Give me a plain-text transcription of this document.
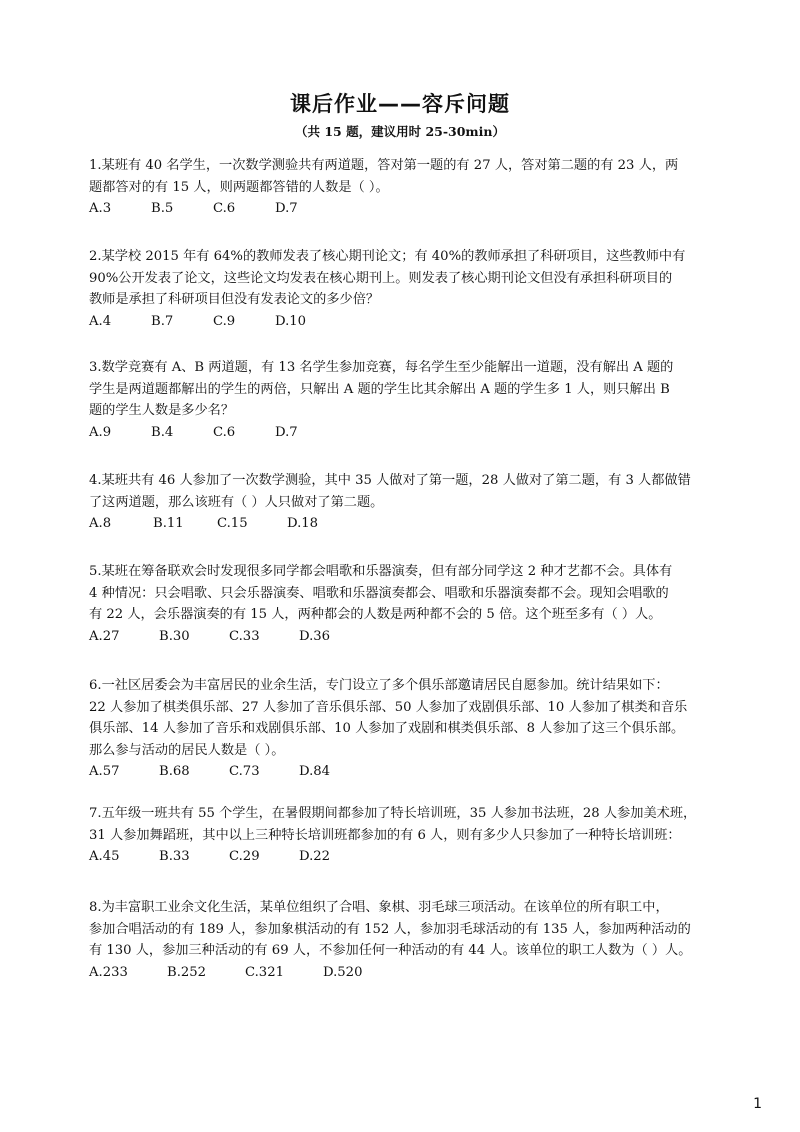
课后作业——容斥问题
（共 15 题，建议用时 25-30min）
1.某班有 40 名学生，一次数学测验共有两道题，答对第一题的有 27 人，答对第二题的有 23 人，两
题都答对的有 15 人，则两题都答错的人数是（ ）。
A.3	B.5	C.6	D.7
2.某学校 2015 年有 64%的教师发表了核心期刊论文；有 40%的教师承担了科研项目，这些教师中有
90%公开发表了论文，这些论文均发表在核心期刊上。则发表了核心期刊论文但没有承担科研项目的
教师是承担了科研项目但没有发表论文的多少倍？
A.4	B.7	C.9	D.10
3.数学竞赛有 A、B 两道题，有 13 名学生参加竞赛，每名学生至少能解出一道题，没有解出 A 题的
学生是两道题都解出的学生的两倍，只解出 A 题的学生比其余解出 A 题的学生多 1 人，则只解出 B
题的学生人数是多少名？
A.9	B.4	C.6	D.7
4.某班共有 46 人参加了一次数学测验，其中 35 人做对了第一题，28 人做对了第二题，有 3 人都做错
了这两道题，那么该班有（ ）人只做对了第二题。
A.8	B.11	C.15	D.18
5.某班在筹备联欢会时发现很多同学都会唱歌和乐器演奏，但有部分同学这 2 种才艺都不会。具体有
4 种情况：只会唱歌、只会乐器演奏、唱歌和乐器演奏都会、唱歌和乐器演奏都不会。现知会唱歌的
有 22 人，会乐器演奏的有 15 人，两种都会的人数是两种都不会的 5 倍。这个班至多有（ ）人。
A.27	B.30	C.33	D.36
6.一社区居委会为丰富居民的业余生活，专门设立了多个俱乐部邀请居民自愿参加。统计结果如下：
22 人参加了棋类俱乐部、27 人参加了音乐俱乐部、50 人参加了戏剧俱乐部、10 人参加了棋类和音乐
俱乐部、14 人参加了音乐和戏剧俱乐部、10 人参加了戏剧和棋类俱乐部、8 人参加了这三个俱乐部。
那么参与活动的居民人数是（ ）。
A.57	B.68	C.73	D.84
7.五年级一班共有 55 个学生，在暑假期间都参加了特长培训班，35 人参加书法班，28 人参加美术班，
31 人参加舞蹈班，其中以上三种特长培训班都参加的有 6 人，则有多少人只参加了一种特长培训班：
A.45	B.33	C.29	D.22
8.为丰富职工业余文化生活，某单位组织了合唱、象棋、羽毛球三项活动。在该单位的所有职工中，
参加合唱活动的有 189 人，参加象棋活动的有 152 人，参加羽毛球活动的有 135 人，参加两种活动的
有 130 人，参加三种活动的有 69 人，不参加任何一种活动的有 44 人。该单位的职工人数为（ ）人。
A.233	B.252	C.321	D.520
1
